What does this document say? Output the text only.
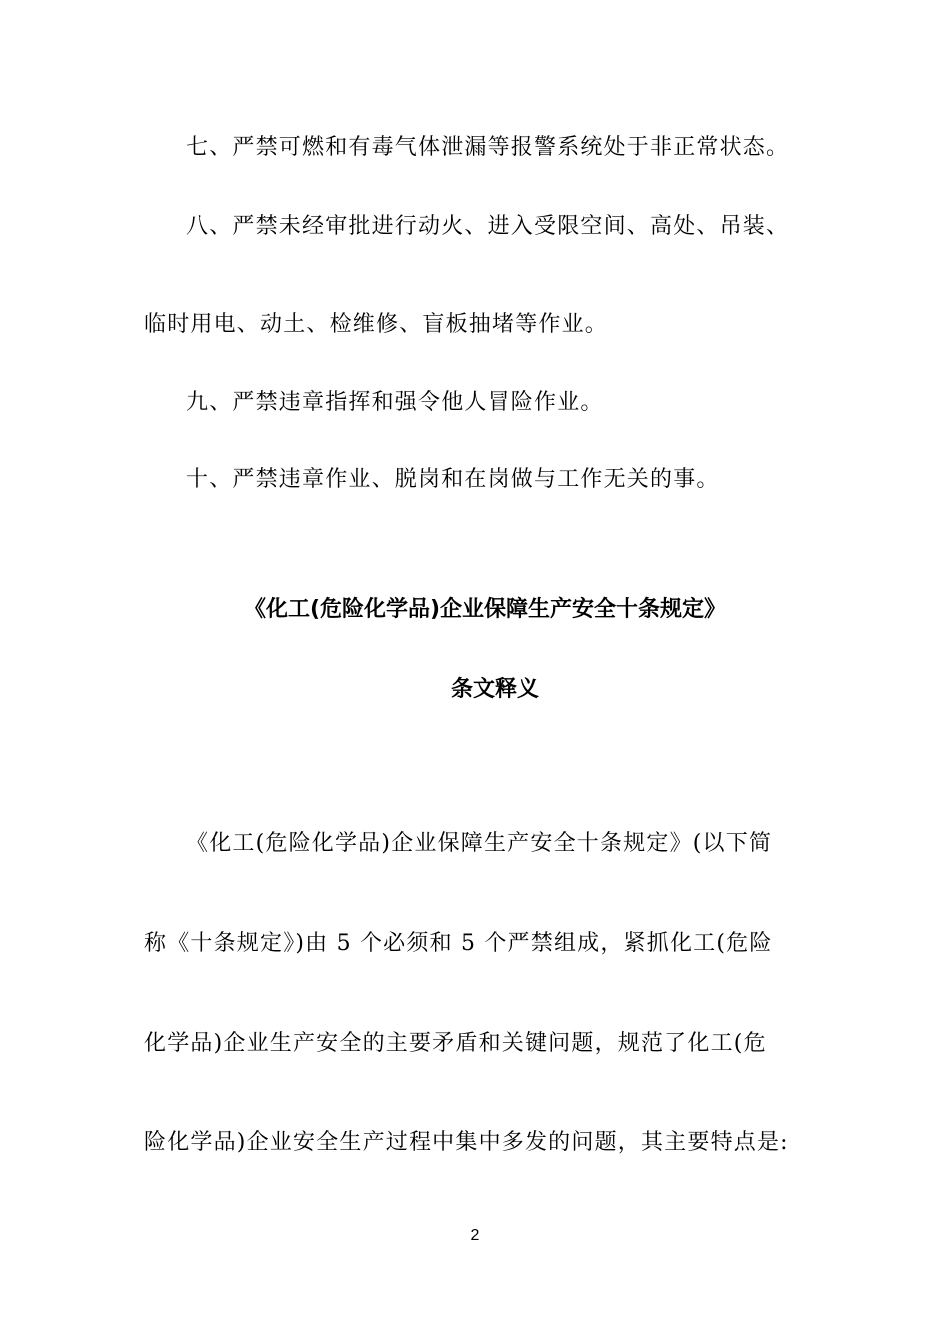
七、严禁可燃和有毒气体泄漏等报警系统处于非正常状态。
八、严禁未经审批进行动火、进入受限空间、高处、吊装、
临时用电、动土、检维修、盲板抽堵等作业。
九、严禁违章指挥和强令他人冒险作业。
十、严禁违章作业、脱岗和在岗做与工作无关的事。
《化工(危险化学品)企业保障生产安全十条规定》
条文释义
《化工(危险化学品)企业保障生产安全十条规定》(以下简
称《十条规定》)由 5 个必须和 5 个严禁组成，紧抓化工(危险
化学品)企业生产安全的主要矛盾和关键问题，规范了化工(危
险化学品)企业安全生产过程中集中多发的问题，其主要特点是:
2
